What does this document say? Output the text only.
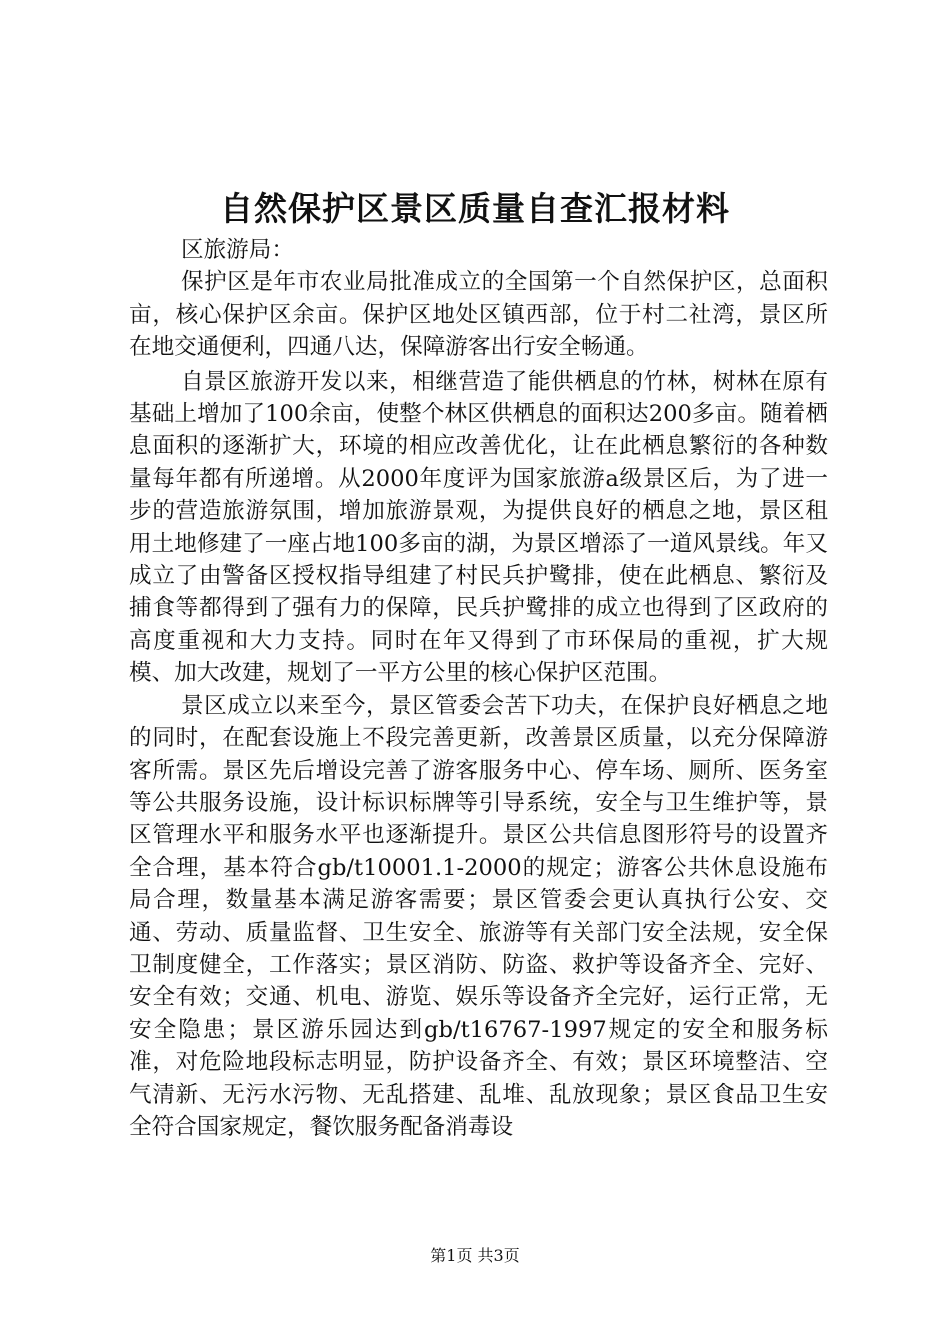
自然保护区景区质量自查汇报材料

区旅游局：

保护区是年市农业局批准成立的全国第一个自然保护区，总面积亩，核心保护区余亩。保护区地处区镇西部，位于村二社湾，景区所在地交通便利，四通八达，保障游客出行安全畅通。

自景区旅游开发以来，相继营造了能供栖息的竹林，树林在原有基础上增加了100余亩，使整个林区供栖息的面积达200多亩。随着栖息面积的逐渐扩大，环境的相应改善优化，让在此栖息繁衍的各种数量每年都有所递增。从2000年度评为国家旅游a级景区后，为了进一步的营造旅游氛围，增加旅游景观，为提供良好的栖息之地，景区租用土地修建了一座占地100多亩的湖，为景区增添了一道风景线。年又成立了由警备区授权指导组建了村民兵护鹭排，使在此栖息、繁衍及捕食等都得到了强有力的保障，民兵护鹭排的成立也得到了区政府的高度重视和大力支持。同时在年又得到了市环保局的重视，扩大规模、加大改建，规划了一平方公里的核心保护区范围。

景区成立以来至今，景区管委会苦下功夫，在保护良好栖息之地的同时，在配套设施上不段完善更新，改善景区质量，以充分保障游客所需。景区先后增设完善了游客服务中心、停车场、厕所、医务室等公共服务设施，设计标识标牌等引导系统，安全与卫生维护等，景区管理水平和服务水平也逐渐提升。景区公共信息图形符号的设置齐全合理，基本符合gb/t10001.1-2000的规定；游客公共休息设施布局合理，数量基本满足游客需要；景区管委会更认真执行公安、交通、劳动、质量监督、卫生安全、旅游等有关部门安全法规，安全保卫制度健全，工作落实；景区消防、防盗、救护等设备齐全、完好、安全有效；交通、机电、游览、娱乐等设备齐全完好，运行正常，无安全隐患；景区游乐园达到gb/t16767-1997规定的安全和服务标准，对危险地段标志明显，防护设备齐全、有效；景区环境整洁、空气清新、无污水污物、无乱搭建、乱堆、乱放现象；景区食品卫生安全符合国家规定，餐饮服务配备消毒设

第1页 共3页
